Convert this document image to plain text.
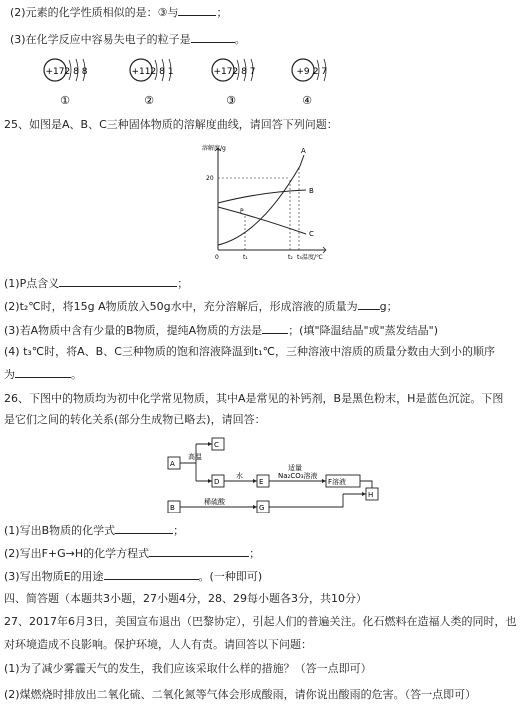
(2)元素的化学性质相似的是：③与	；
(3)在化学反应中容易失电子的粒子是	。
+17 2 8 8
①
+11 2 8 1
②
+17 2 8 7
③
+9 2 7
④
25、如图是A、B、C三种固体物质的溶解度曲线，请回答下列问题：
溶解度/g
20
0	t₁	t₂ t₃ 温度/℃
A
B
C
P
(1)P点含义	；
(2)t₂℃时，将15g A物质放入50g水中，充分溶解后，形成溶液的质量为 g；
(3)若A物质中含有少量的B物质，提纯A物质的方法是 ；(填"降温结晶"或"蒸发结晶")
(4) t₃℃时，将A、B、C三种物质的饱和溶液降温到t₁℃，三种溶液中溶质的质量分数由大到小的顺序
为	。
26、下图中的物质均为初中化学常见物质，其中A是常见的补钙剂，B是黑色粉末，H是蓝色沉淀。下图
是它们之间的转化关系(部分生成物已略去)，请回答：
A
C
D	E	F溶液
B	G
H
高温
水
适量
Na₂CO₃溶液
稀硫酸
(1)写出B物质的化学式	；
(2)写出F+G→H的化学方程式	；
(3)写出物质E的用途	。(一种即可)
四、简答题（本题共3小题，27小题4分，28、29每小题各3分，共10分）
27、2017年6月3日，美国宣布退出（巴黎协定），引起人们的普遍关注。化石燃料在造福人类的同时，也
对环境造成不良影响。保护环境，人人有责。请回答以下问题：
(1)为了减少雾霾天气的发生，我们应该采取什么样的措施？（答一点即可）
(2)煤燃烧时排放出二氧化硫、二氧化氮等气体会形成酸雨，请你说出酸雨的危害。（答一点即可）
